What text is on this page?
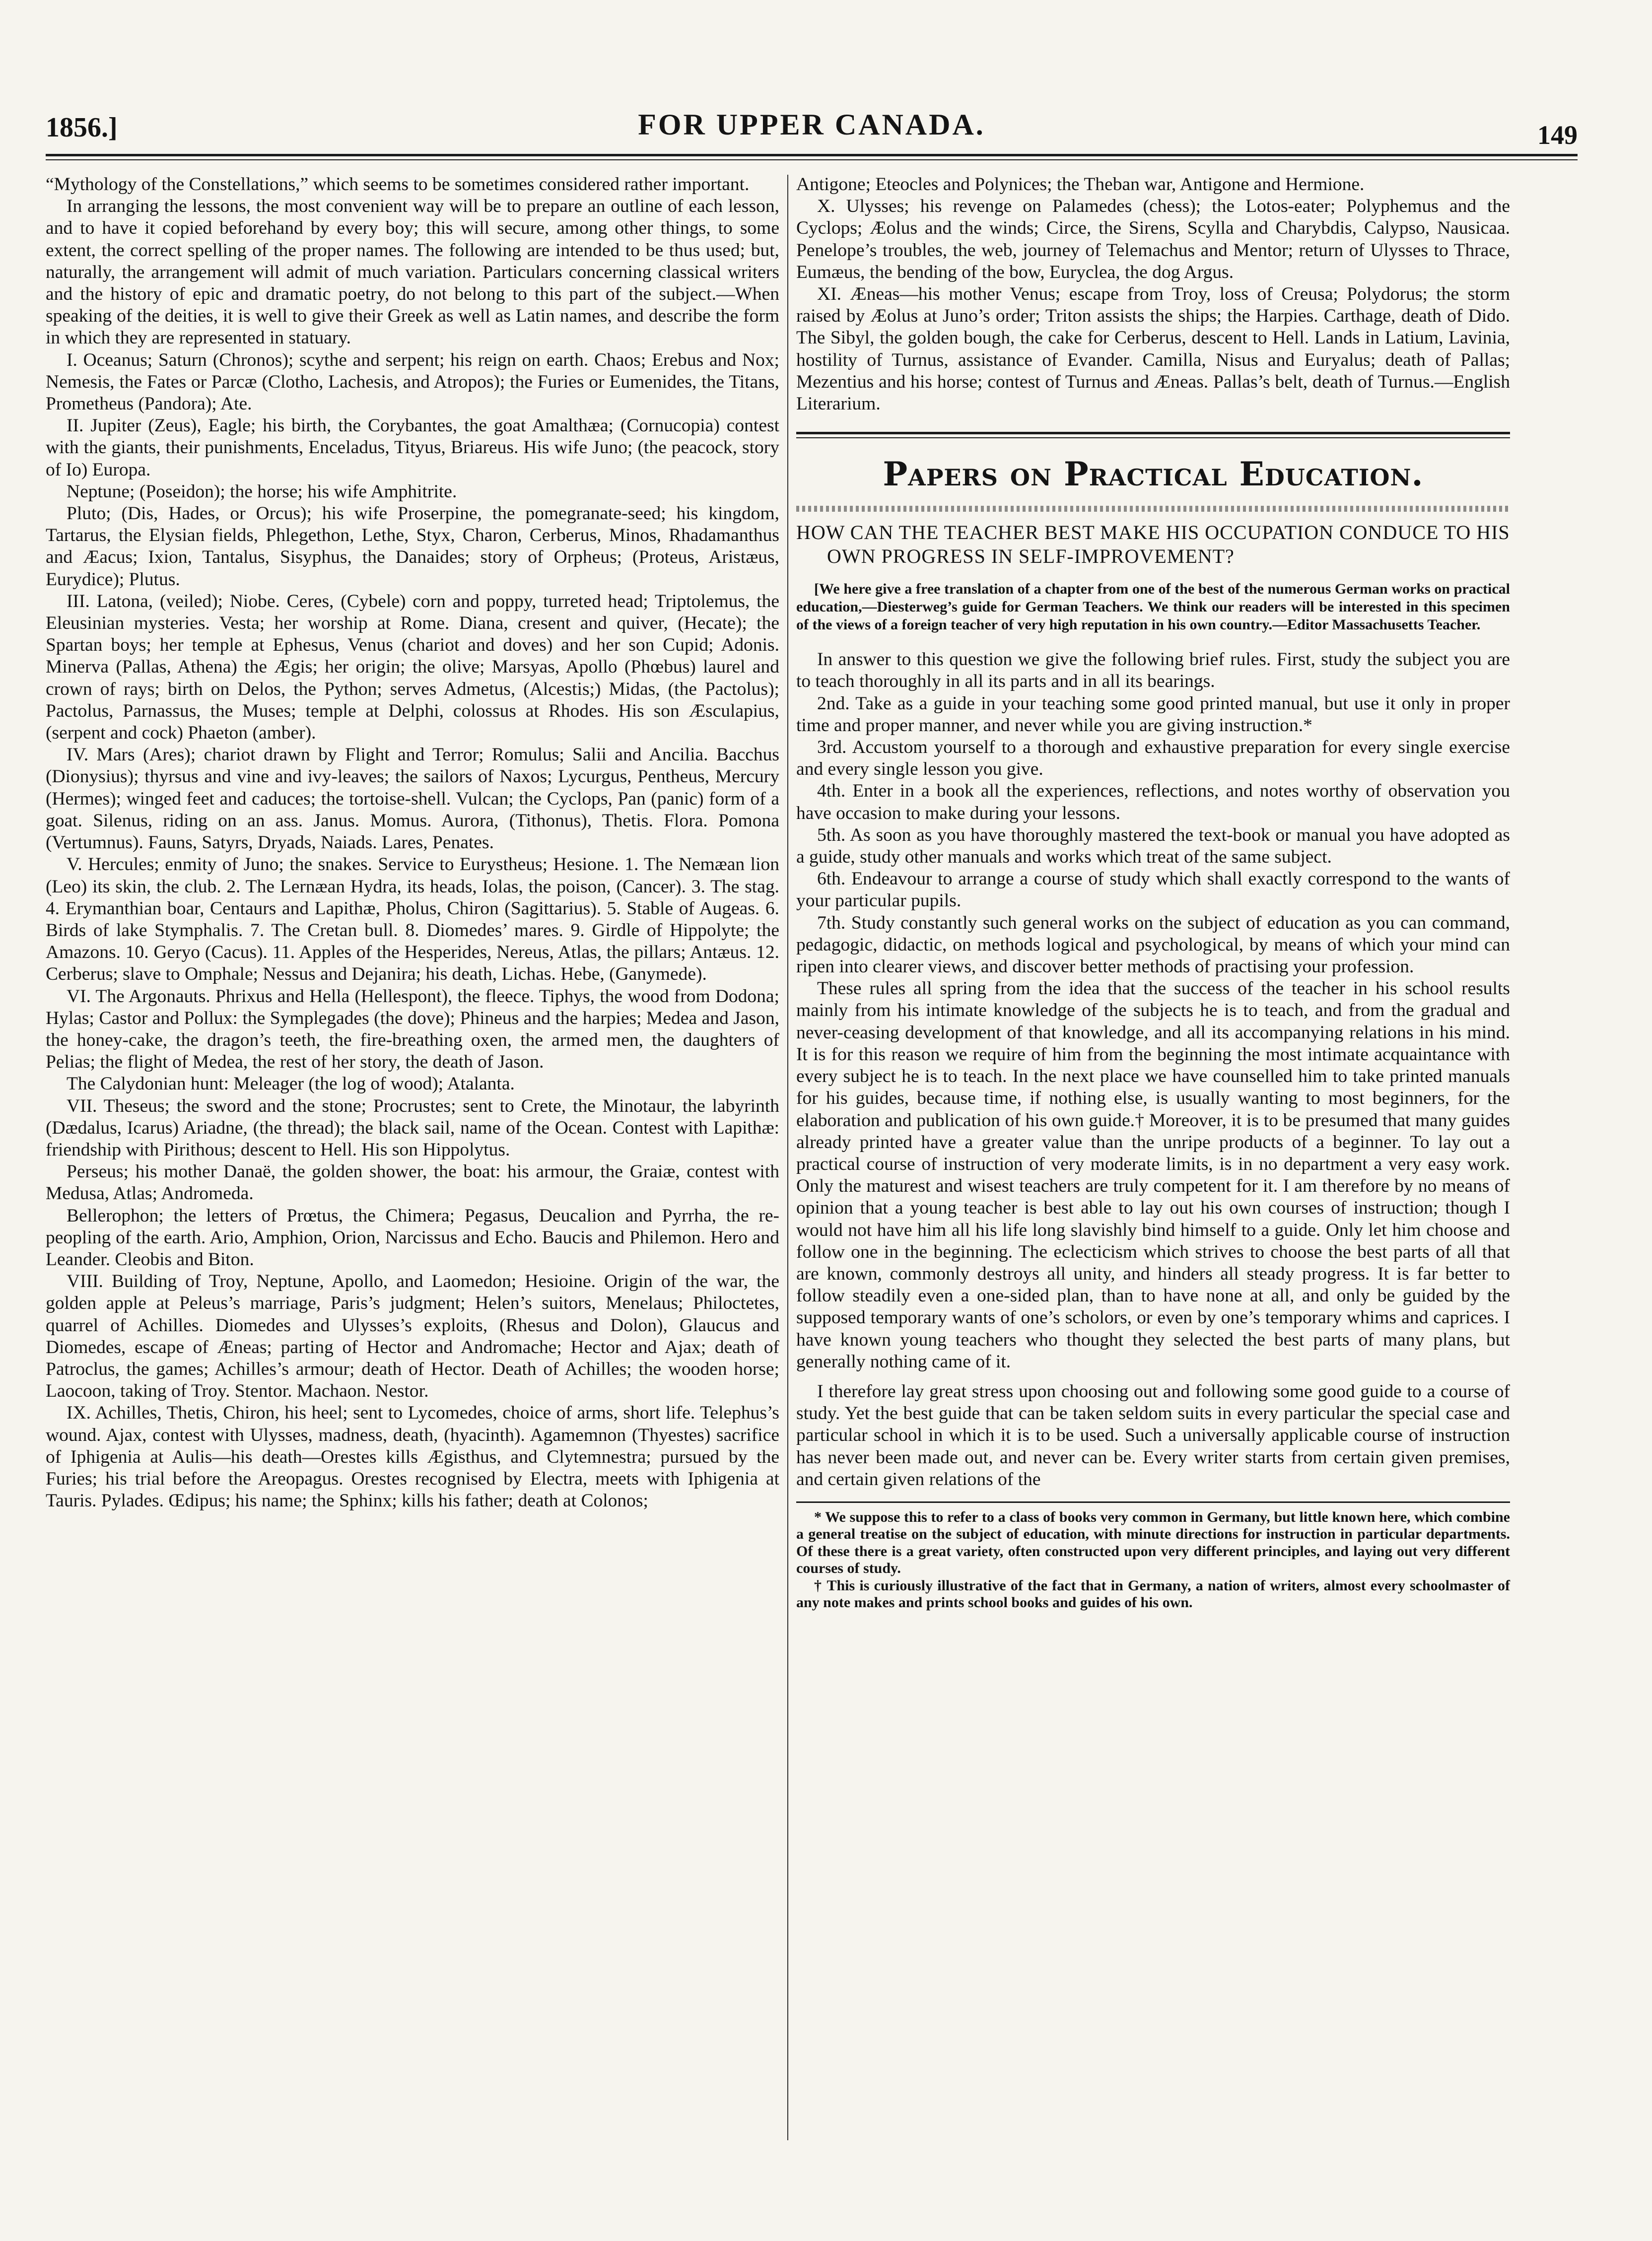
1856.]	FOR UPPER CANADA.	149

“Mythology of the Constellations,” which seems to be sometimes considered rather important.

In arranging the lessons, the most convenient way will be to prepare an outline of each lesson, and to have it copied beforehand by every boy; this will secure, among other things, to some extent, the correct spelling of the proper names. The following are intended to be thus used; but, naturally, the arrangement will admit of much variation. Particulars concerning classical writers and the history of epic and dramatic poetry, do not belong to this part of the subject.—When speaking of the deities, it is well to give their Greek as well as Latin names, and describe the form in which they are represented in statuary.

I. Oceanus; Saturn (Chronos); scythe and serpent; his reign on earth. Chaos; Erebus and Nox; Nemesis, the Fates or Parcæ (Clotho, Lachesis, and Atropos); the Furies or Eumenides, the Titans, Prometheus (Pandora); Ate.

II. Jupiter (Zeus), Eagle; his birth, the Corybantes, the goat Amalthæa; (Cornucopia) contest with the giants, their punishments, Enceladus, Tityus, Briareus. His wife Juno; (the peacock, story of Io) Europa.

Neptune; (Poseidon); the horse; his wife Amphitrite.

Pluto; (Dis, Hades, or Orcus); his wife Proserpine, the pomegranate-seed; his kingdom, Tartarus, the Elysian fields, Phlegethon, Lethe, Styx, Charon, Cerberus, Minos, Rhadamanthus and Æacus; Ixion, Tantalus, Sisyphus, the Danaides; story of Orpheus; (Proteus, Aristæus, Eurydice); Plutus.

III. Latona, (veiled); Niobe. Ceres, (Cybele) corn and poppy, turreted head; Triptolemus, the Eleusinian mysteries. Vesta; her worship at Rome. Diana, cresent and quiver, (Hecate); the Spartan boys; her temple at Ephesus, Venus (chariot and doves) and her son Cupid; Adonis. Minerva (Pallas, Athena) the Ægis; her origin; the olive; Marsyas, Apollo (Phœbus) laurel and crown of rays; birth on Delos, the Python; serves Admetus, (Alcestis;) Midas, (the Pactolus); Pactolus, Parnassus, the Muses; temple at Delphi, colossus at Rhodes. His son Æsculapius, (serpent and cock) Phaeton (amber).

IV. Mars (Ares); chariot drawn by Flight and Terror; Romulus; Salii and Ancilia. Bacchus (Dionysius); thyrsus and vine and ivy-leaves; the sailors of Naxos; Lycurgus, Pentheus, Mercury (Hermes); winged feet and caduces; the tortoise-shell. Vulcan; the Cyclops, Pan (panic) form of a goat. Silenus, riding on an ass. Janus. Momus. Aurora, (Tithonus), Thetis. Flora. Pomona (Vertumnus). Fauns, Satyrs, Dryads, Naiads. Lares, Penates.

V. Hercules; enmity of Juno; the snakes. Service to Eurystheus; Hesione. 1. The Nemæan lion (Leo) its skin, the club. 2. The Lernæan Hydra, its heads, Iolas, the poison, (Cancer). 3. The stag. 4. Erymanthian boar, Centaurs and Lapithæ, Pholus, Chiron (Sagittarius). 5. Stable of Augeas. 6. Birds of lake Stymphalis. 7. The Cretan bull. 8. Diomedes’ mares. 9. Girdle of Hippolyte; the Amazons. 10. Geryo (Cacus). 11. Apples of the Hesperides, Nereus, Atlas, the pillars; Antæus. 12. Cerberus; slave to Omphale; Nessus and Dejanira; his death, Lichas. Hebe, (Ganymede).

VI. The Argonauts. Phrixus and Hella (Hellespont), the fleece. Tiphys, the wood from Dodona; Hylas; Castor and Pollux: the Symplegades (the dove); Phineus and the harpies; Medea and Jason, the honey-cake, the dragon’s teeth, the fire-breathing oxen, the armed men, the daughters of Pelias; the flight of Medea, the rest of her story, the death of Jason.

The Calydonian hunt: Meleager (the log of wood); Atalanta.

VII. Theseus; the sword and the stone; Procrustes; sent to Crete, the Minotaur, the labyrinth (Dædalus, Icarus) Ariadne, (the thread); the black sail, name of the Ocean. Contest with Lapithæ: friendship with Pirithous; descent to Hell. His son Hippolytus.

Perseus; his mother Danaë, the golden shower, the boat: his armour, the Graiæ, contest with Medusa, Atlas; Andromeda.

Bellerophon; the letters of Prœtus, the Chimera; Pegasus, Deucalion and Pyrrha, the re-peopling of the earth. Ario, Amphion, Orion, Narcissus and Echo. Baucis and Philemon. Hero and Leander. Cleobis and Biton.

VIII. Building of Troy, Neptune, Apollo, and Laomedon; Hesioine. Origin of the war, the golden apple at Peleus’s marriage, Paris’s judgment; Helen’s suitors, Menelaus; Philoctetes, quarrel of Achilles. Diomedes and Ulysses’s exploits, (Rhesus and Dolon), Glaucus and Diomedes, escape of Æneas; parting of Hector and Andromache; Hector and Ajax; death of Patroclus, the games; Achilles’s armour; death of Hector. Death of Achilles; the wooden horse; Laocoon, taking of Troy. Stentor. Machaon. Nestor.

IX. Achilles, Thetis, Chiron, his heel; sent to Lycomedes, choice of arms, short life. Telephus’s wound. Ajax, contest with Ulysses, madness, death, (hyacinth). Agamemnon (Thyestes) sacrifice of Iphigenia at Aulis—his death—Orestes kills Ægisthus, and Clytemnestra; pursued by the Furies; his trial before the Areopagus. Orestes recognised by Electra, meets with Iphigenia at Tauris. Pylades. Œdipus; his name; the Sphinx; kills his father; death at Colonos;

Antigone; Eteocles and Polynices; the Theban war, Antigone and Hermione.

X. Ulysses; his revenge on Palamedes (chess); the Lotos-eater; Polyphemus and the Cyclops; Æolus and the winds; Circe, the Sirens, Scylla and Charybdis, Calypso, Nausicaa. Penelope’s troubles, the web, journey of Telemachus and Mentor; return of Ulysses to Thrace, Eumæus, the bending of the bow, Euryclea, the dog Argus.

XI. Æneas—his mother Venus; escape from Troy, loss of Creusa; Polydorus; the storm raised by Æolus at Juno’s order; Triton assists the ships; the Harpies. Carthage, death of Dido. The Sibyl, the golden bough, the cake for Cerberus, descent to Hell. Lands in Latium, Lavinia, hostility of Turnus, assistance of Evander. Camilla, Nisus and Euryalus; death of Pallas; Mezentius and his horse; contest of Turnus and Æneas. Pallas’s belt, death of Turnus.—English Literarium.

Papers on Practical Education.
HOW CAN THE TEACHER BEST MAKE HIS OCCUPATION CONDUCE TO HIS OWN PROGRESS IN SELF-IMPROVEMENT?
[We here give a free translation of a chapter from one of the best of the numerous German works on practical education,—Diesterweg’s guide for German Teachers. We think our readers will be interested in this specimen of the views of a foreign teacher of very high reputation in his own country.—Editor Massachusetts Teacher.

In answer to this question we give the following brief rules. First, study the subject you are to teach thoroughly in all its parts and in all its bearings.

2nd. Take as a guide in your teaching some good printed manual, but use it only in proper time and proper manner, and never while you are giving instruction.*

3rd. Accustom yourself to a thorough and exhaustive preparation for every single exercise and every single lesson you give.

4th. Enter in a book all the experiences, reflections, and notes worthy of observation you have occasion to make during your lessons.

5th. As soon as you have thoroughly mastered the text-book or manual you have adopted as a guide, study other manuals and works which treat of the same subject.

6th. Endeavour to arrange a course of study which shall exactly correspond to the wants of your particular pupils.

7th. Study constantly such general works on the subject of education as you can command, pedagogic, didactic, on methods logical and psychological, by means of which your mind can ripen into clearer views, and discover better methods of practising your profession.

These rules all spring from the idea that the success of the teacher in his school results mainly from his intimate knowledge of the subjects he is to teach, and from the gradual and never-ceasing development of that knowledge, and all its accompanying relations in his mind. It is for this reason we require of him from the beginning the most intimate acquaintance with every subject he is to teach. In the next place we have counselled him to take printed manuals for his guides, because time, if nothing else, is usually wanting to most beginners, for the elaboration and publication of his own guide.† Moreover, it is to be presumed that many guides already printed have a greater value than the unripe products of a beginner. To lay out a practical course of instruction of very moderate limits, is in no department a very easy work. Only the maturest and wisest teachers are truly competent for it. I am therefore by no means of opinion that a young teacher is best able to lay out his own courses of instruction; though I would not have him all his life long slavishly bind himself to a guide. Only let him choose and follow one in the beginning. The eclecticism which strives to choose the best parts of all that are known, commonly destroys all unity, and hinders all steady progress. It is far better to follow steadily even a one-sided plan, than to have none at all, and only be guided by the supposed temporary wants of one’s scholors, or even by one’s temporary whims and caprices. I have known young teachers who thought they selected the best parts of many plans, but generally nothing came of it.

I therefore lay great stress upon choosing out and following some good guide to a course of study. Yet the best guide that can be taken seldom suits in every particular the special case and particular school in which it is to be used. Such a universally applicable course of instruction has never been made out, and never can be. Every writer starts from certain given premises, and certain given relations of the

* We suppose this to refer to a class of books very common in Germany, but little known here, which combine a general treatise on the subject of education, with minute directions for instruction in particular departments. Of these there is a great variety, often constructed upon very different principles, and laying out very different courses of study.
† This is curiously illustrative of the fact that in Germany, a nation of writers, almost every schoolmaster of any note makes and prints school books and guides of his own.
